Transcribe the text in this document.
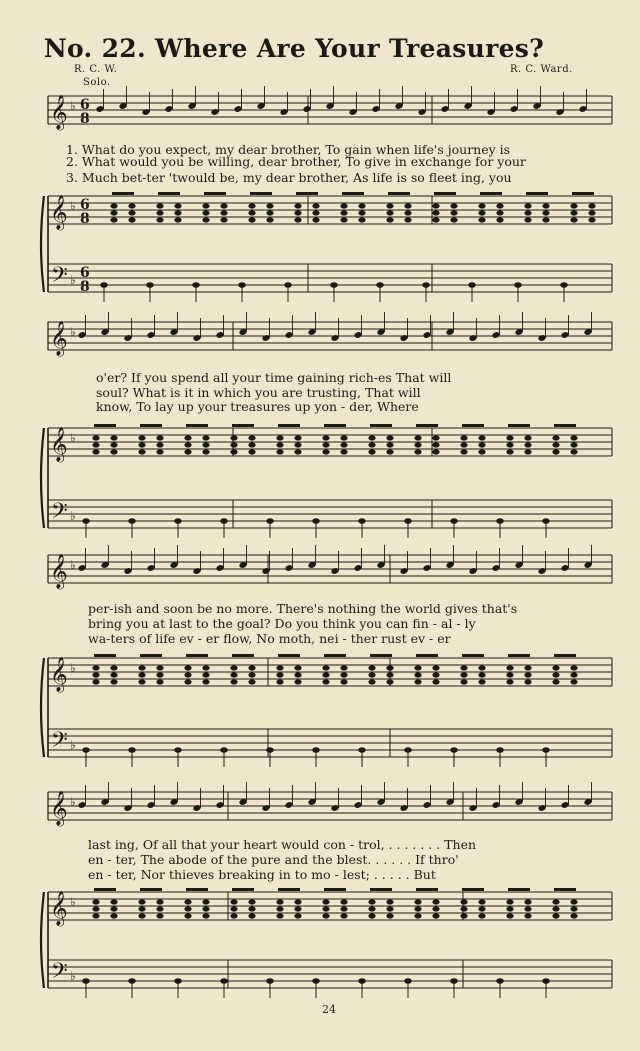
No. 22. Where Are Your Treasures?
R. C. W.	R. C. Ward.
Solo.
𝄞
𝄞
𝄢
♭
♭
♭
6
8
6
8
6
8
𝄞
𝄞
𝄢
♭
♭
♭
𝄞
𝄞
𝄢
♭
♭
♭
𝄞
𝄞
𝄢
♭
♭
♭
1. What do you expect, my dear brother, To gain when life's journey is
2. What would you be willing, dear brother, To give in exchange for your
3. Much bet-ter 'twould be, my dear brother, As life is so fleet ing, you
o'er? If you spend all your time gaining rich-es That will
soul? What is it in which you are trusting, That will
know, To lay up your treasures up yon - der, Where
per-ish and soon be no more. There's nothing the world gives that's
bring you at last to the goal? Do you think you can fin - al - ly
wa-ters of life ev - er flow, No moth, nei - ther rust ev - er
last ing, Of all that your heart would con - trol, . . . . . . . Then
en - ter, The abode of the pure and the blest. . . . . . If thro'
en - ter, Nor thieves breaking in to mo - lest; . . . . . But
24
